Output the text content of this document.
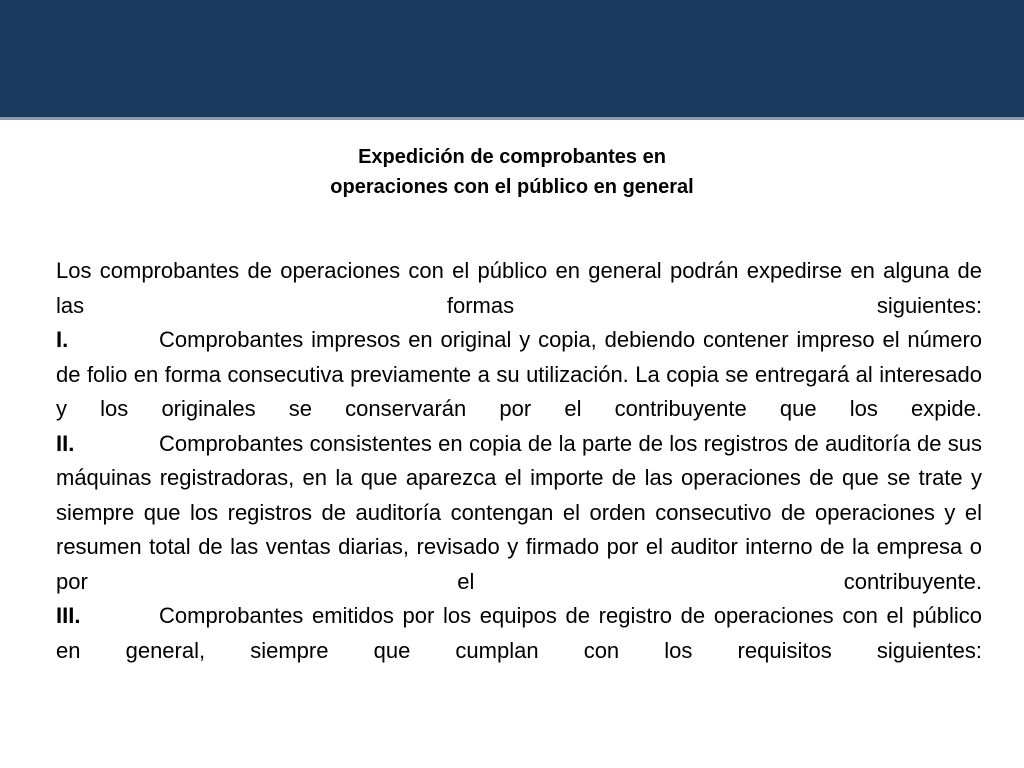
Expedición de comprobantes en
operaciones con el público en general
Los comprobantes de operaciones con el público en general podrán expedirse en alguna de las formas siguientes:
I.	Comprobantes impresos en original y copia, debiendo contener impreso el número de folio en forma consecutiva previamente a su utilización. La copia se entregará al interesado y los originales se conservarán por el contribuyente que los expide.
II.	Comprobantes consistentes en copia de la parte de los registros de auditoría de sus máquinas registradoras, en la que aparezca el importe de las operaciones de que se trate y siempre que los registros de auditoría contengan el orden consecutivo de operaciones y el resumen total de las ventas diarias, revisado y firmado por el auditor interno de la empresa o por el contribuyente.
III.	Comprobantes emitidos por los equipos de registro de operaciones con el público en general, siempre que cumplan con los requisitos siguientes:
